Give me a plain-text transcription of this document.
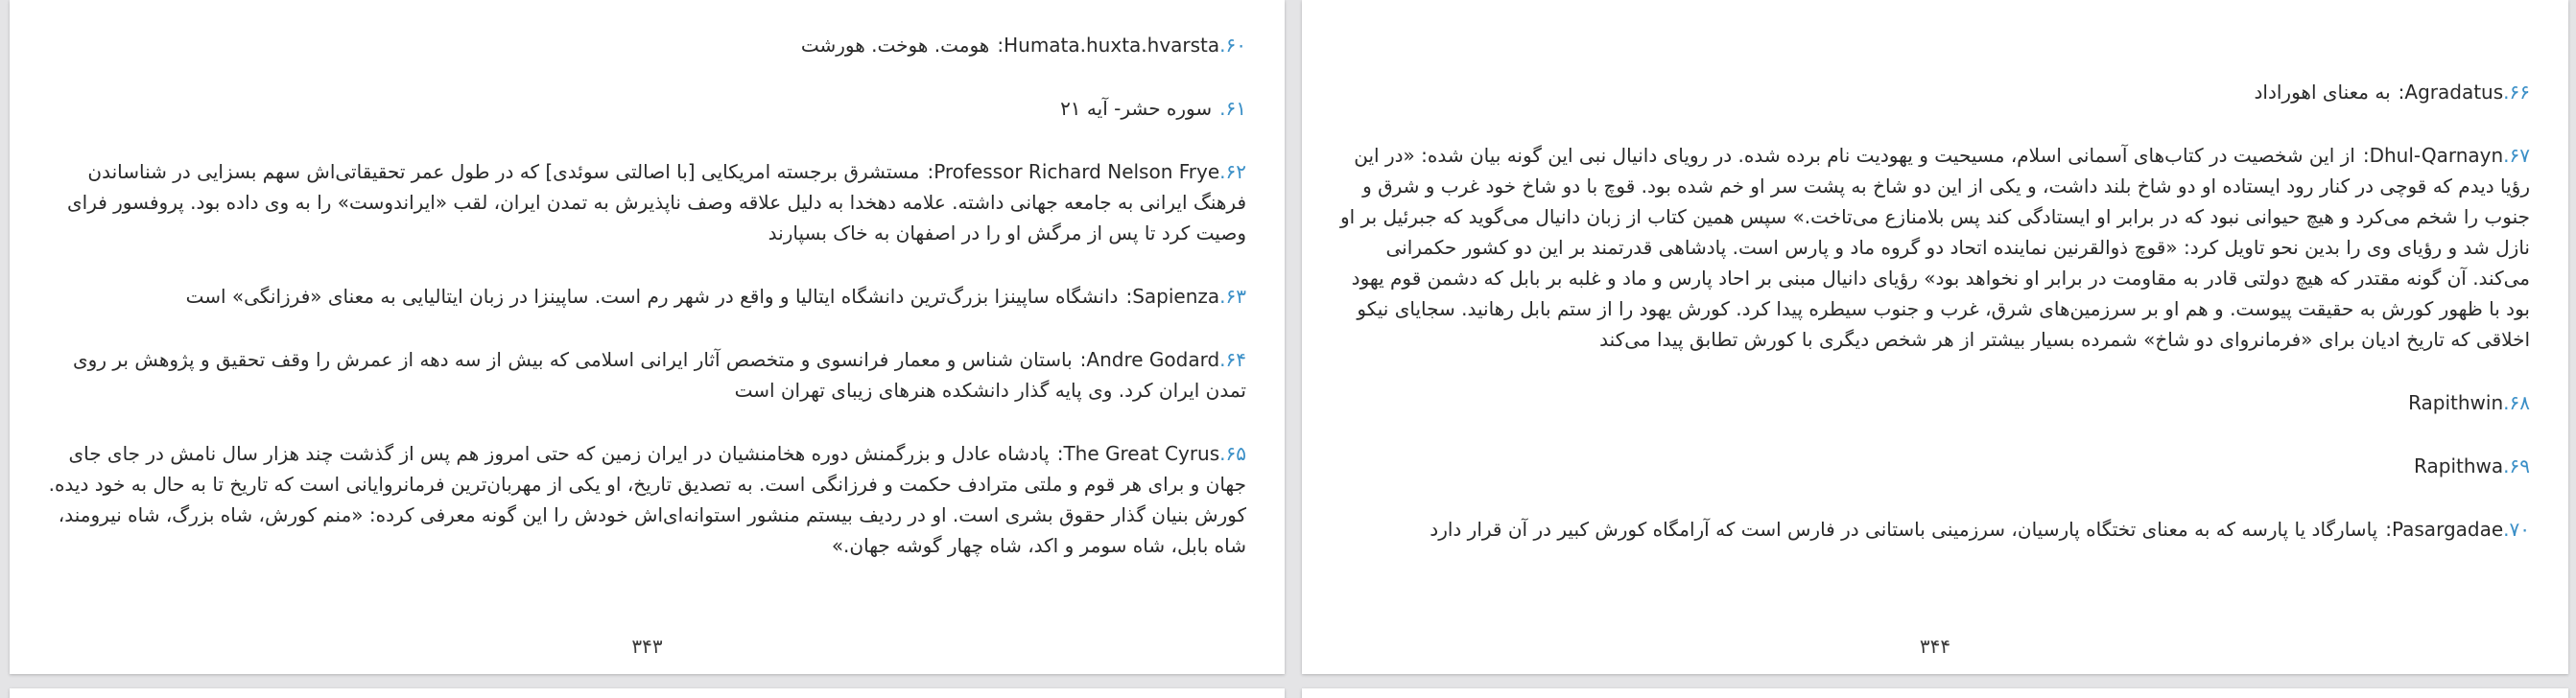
۶۰.:Humata.huxta.hvarstaهومت. هوخت. هورشت

۶۱.سوره حشر- آیه ۲۱

۶۲.:Professor Richard Nelson Fryeمستشرق برجسته امریکایی [با اصالتی سوئدی] که در طول عمر تحقیقاتی‌اش سهم بسزایی در شناساندن فرهنگ ایرانی به جامعه جهانی داشته. علامه دهخدا به دلیل علاقه وصف ناپذیرش به تمدن ایران، لقب «ایراندوست» را به وی داده بود. پروفسور فرای وصیت کرد تا پس از مرگش او را در اصفهان به خاک بسپارند

۶۳.:Sapienzaدانشگاه ساپینزا بزرگ‌ترین دانشگاه ایتالیا و واقع در شهر رم است. ساپینزا در زبان ایتالیایی به معنای «فرزانگی» است

۶۴.:Andre Godardباستان شناس و معمار فرانسوی و متخصص آثار ایرانی اسلامی که بیش از سه دهه از عمرش را وقف تحقیق و پژوهش بر روی تمدن ایران کرد. وی پایه گذار دانشکده هنرهای زیبای تهران است

۶۵.:The Great Cyrusپادشاه عادل و بزرگمنش دوره هخامنشیان در ایران زمین که حتی امروز هم پس از گذشت چند هزار سال نامش در جای جای جهان و برای هر قوم و ملتی مترادف حکمت و فرزانگی است. به تصدیق تاریخ، او یکی از مهربان‌ترین فرمانروایانی است که تاریخ تا به حال به خود دیده. کورش بنیان گذار حقوق بشری است. او در ردیف بیستم منشور استوانه‌ای‌اش خودش را این گونه معرفی کرده: «منم کورش، شاه بزرگ، شاه نیرومند، شاه بابل، شاه سومر و اکد، شاه چهار گوشه جهان.»

۳۴۳

۶۶.:Agradatusبه معنای اهوراداد

۶۷.:Dhul-Qarnaynاز این شخصیت در کتاب‌های آسمانی اسلام، مسیحیت و یهودیت نام برده شده. در رویای دانیال نبی این گونه بیان شده: «در این رؤیا دیدم که قوچی در کنار رود ایستاده او دو شاخ بلند داشت، و یکی از این دو شاخ به پشت سر او خم شده بود. قوچ با دو شاخ خود غرب و شرق و جنوب را شخم می‌کرد و هیچ حیوانی نبود که در برابر او ایستادگی کند پس بلامنازع می‌تاخت.» سپس همین کتاب از زبان دانیال می‌گوید که جبرئیل بر او نازل شد و رؤیای وی را بدین نحو تاویل کرد: «قوچ ذوالقرنین نماینده اتحاد دو گروه ماد و پارس است. پادشاهی قدرتمند بر این دو کشور حکمرانی می‌کند. آن گونه مقتدر که هیچ دولتی قادر به مقاومت در برابر او نخواهد بود» رؤیای دانیال مبنی بر احاد پارس و ماد و غلبه بر بابل که دشمن قوم یهود بود با ظهور کورش به حقیقت پیوست. و هم او بر سرزمین‌های شرق، غرب و جنوب سیطره پیدا کرد. کورش یهود را از ستم بابل رهانید. سجایای نیکو اخلاقی که تاریخ ادیان برای «فرمانروای دو شاخ» شمرده بسیار بیشتر از هر شخص دیگری با کورش تطابق پیدا می‌کند

۶۸.Rapithwin

۶۹.Rapithwa

۷۰.:Pasargadaeپاسارگاد یا پارسه که به معنای تختگاه پارسیان، سرزمینی باستانی در فارس است که آرامگاه کورش کبیر در آن قرار دارد

۳۴۴
